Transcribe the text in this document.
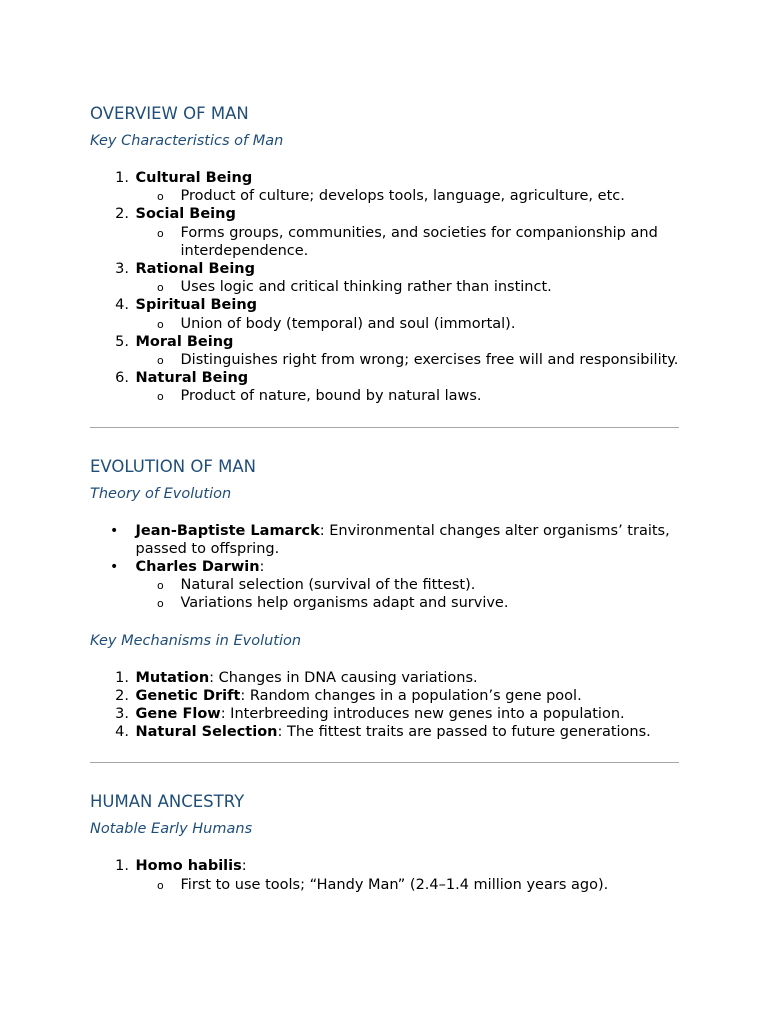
OVERVIEW OF MAN
Key Characteristics of Man
1. Cultural Being
o Product of culture; develops tools, language, agriculture, etc.
2. Social Being
o Forms groups, communities, and societies for companionship and interdependence.
3. Rational Being
o Uses logic and critical thinking rather than instinct.
4. Spiritual Being
o Union of body (temporal) and soul (immortal).
5. Moral Being
o Distinguishes right from wrong; exercises free will and responsibility.
6. Natural Being
o Product of nature, bound by natural laws.
EVOLUTION OF MAN
Theory of Evolution
• Jean-Baptiste Lamarck: Environmental changes alter organisms’ traits, passed to offspring.
• Charles Darwin:
o Natural selection (survival of the fittest).
o Variations help organisms adapt and survive.
Key Mechanisms in Evolution
1. Mutation: Changes in DNA causing variations.
2. Genetic Drift: Random changes in a population’s gene pool.
3. Gene Flow: Interbreeding introduces new genes into a population.
4. Natural Selection: The fittest traits are passed to future generations.
HUMAN ANCESTRY
Notable Early Humans
1. Homo habilis:
o First to use tools; “Handy Man” (2.4–1.4 million years ago).
